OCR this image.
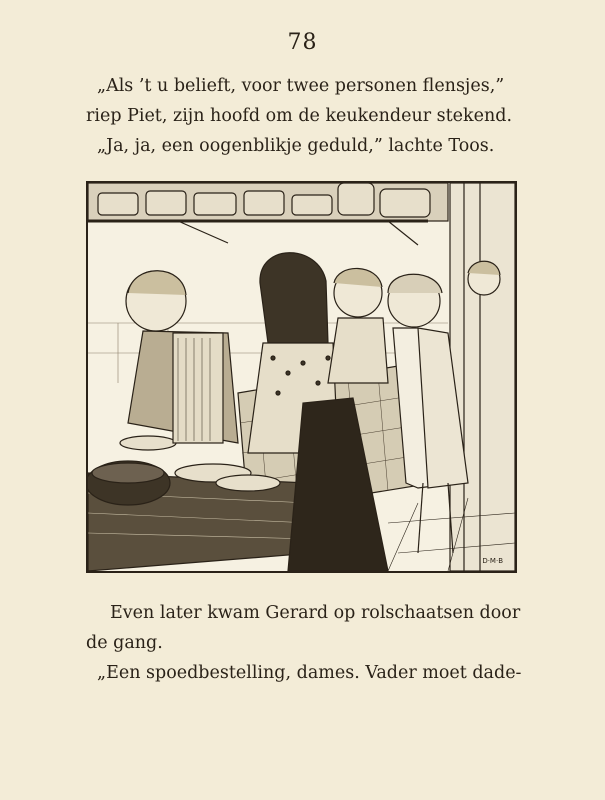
78
„Als ’t u belieft, voor twee personen flensjes,”
riep Piet, zijn hoofd om de keukendeur stekend.
„Ja, ja, een oogenblikje geduld,” lachte Toos.
D·M·B
Even later kwam Gerard op rolschaatsen door
de gang.
„Een spoedbestelling, dames. Vader moet dade-
